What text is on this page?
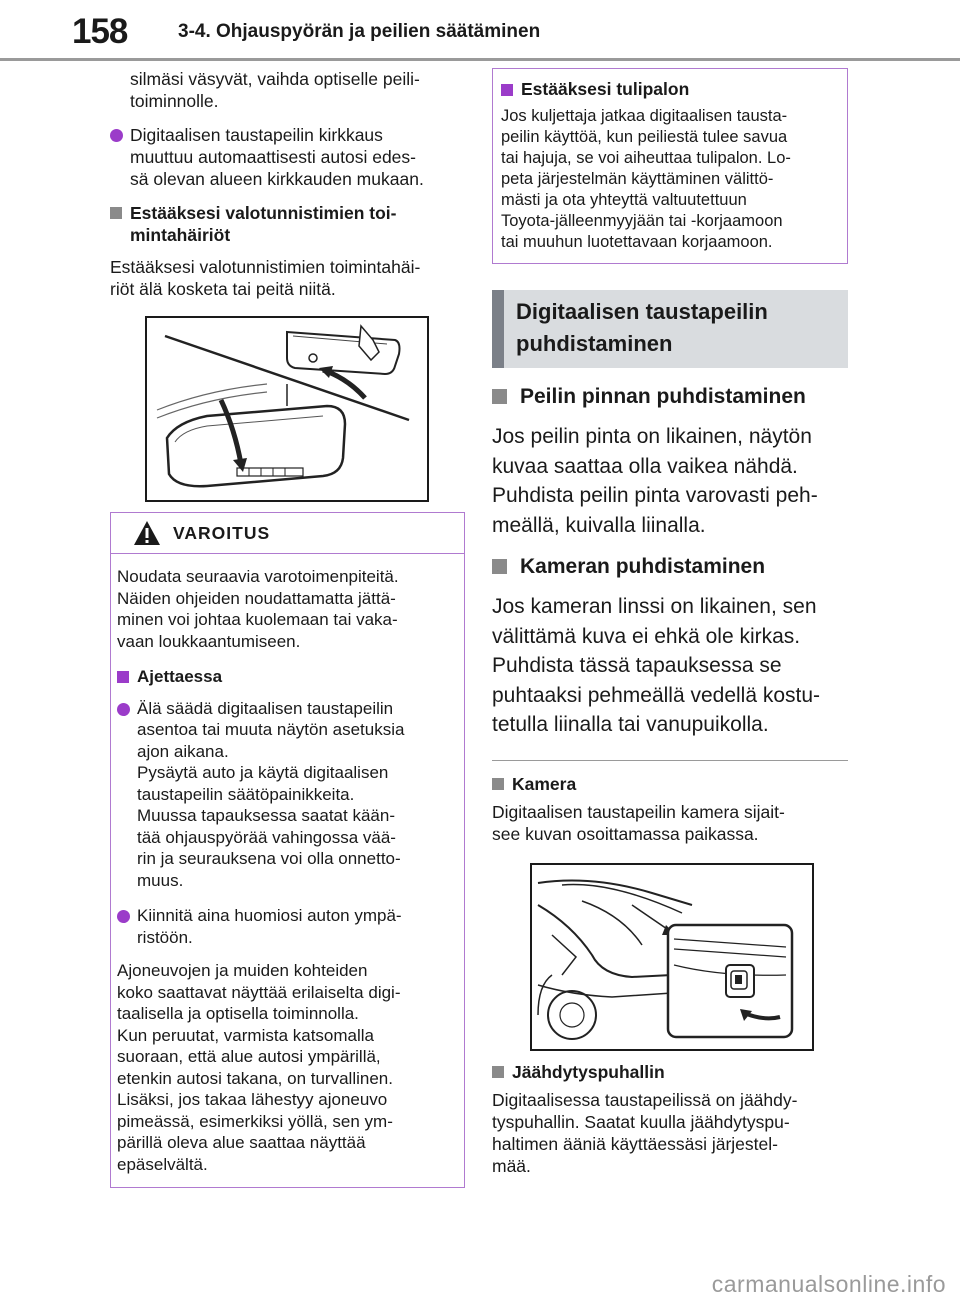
158	3-4. Ohjauspyörän ja peilien säätäminen
silmäsi väsyvät, vaihda optiselle peili-
toiminnolle.
Digitaalisen taustapeilin kirkkaus
muuttuu automaattisesti autosi edes-
sä olevan alueen kirkkauden mukaan.
Estääksesi valotunnistimien toi-
mintahäiriöt
Estääksesi valotunnistimien toimintahäi-
riöt älä kosketa tai peitä niitä.
VAROITUS
Noudata seuraavia varotoimenpiteitä.
Näiden ohjeiden noudattamatta jättä-
minen voi johtaa kuolemaan tai vaka-
vaan loukkaantumiseen.
Ajettaessa
Älä säädä digitaalisen taustapeilin
asentoa tai muuta näytön asetuksia
ajon aikana.
Pysäytä auto ja käytä digitaalisen
taustapeilin säätöpainikkeita.
Muussa tapauksessa saatat kään-
tää ohjauspyörää vahingossa vää-
rin ja seurauksena voi olla onnetto-
muus.
Kiinnitä aina huomiosi auton ympä-
ristöön.
Ajoneuvojen ja muiden kohteiden
koko saattavat näyttää erilaiselta digi-
taalisella ja optisella toiminnolla.
Kun peruutat, varmista katsomalla
suoraan, että alue autosi ympärillä,
etenkin autosi takana, on turvallinen.
Lisäksi, jos takaa lähestyy ajoneuvo
pimeässä, esimerkiksi yöllä, sen ym-
pärillä oleva alue saattaa näyttää
epäselvältä.
Estääksesi tulipalon
Jos kuljettaja jatkaa digitaalisen tausta-
peilin käyttöä, kun peiliestä tulee savua
tai hajuja, se voi aiheuttaa tulipalon. Lo-
peta järjestelmän käyttäminen välittö-
mästi ja ota yhteyttä valtuutettuun
Toyota-jälleenmyyjään tai -korjaamoon
tai muuhun luotettavaan korjaamoon.
Digitaalisen taustapeilin
puhdistaminen
Peilin pinnan puhdistaminen
Jos peilin pinta on likainen, näytön
kuvaa saattaa olla vaikea nähdä.
Puhdista peilin pinta varovasti peh-
meällä, kuivalla liinalla.
Kameran puhdistaminen
Jos kameran linssi on likainen, sen
välittämä kuva ei ehkä ole kirkas.
Puhdista tässä tapauksessa se
puhtaaksi pehmeällä vedellä kostu-
tetulla liinalla tai vanupuikolla.
Kamera
Digitaalisen taustapeilin kamera sijait-
see kuvan osoittamassa paikassa.
Jäähdytyspuhallin
Digitaalisessa taustapeilissä on jäähdy-
tyspuhallin. Saatat kuulla jäähdytyspu-
haltimen ääniä käyttäessäsi järjestel-
mää.
carmanualsonline.info
